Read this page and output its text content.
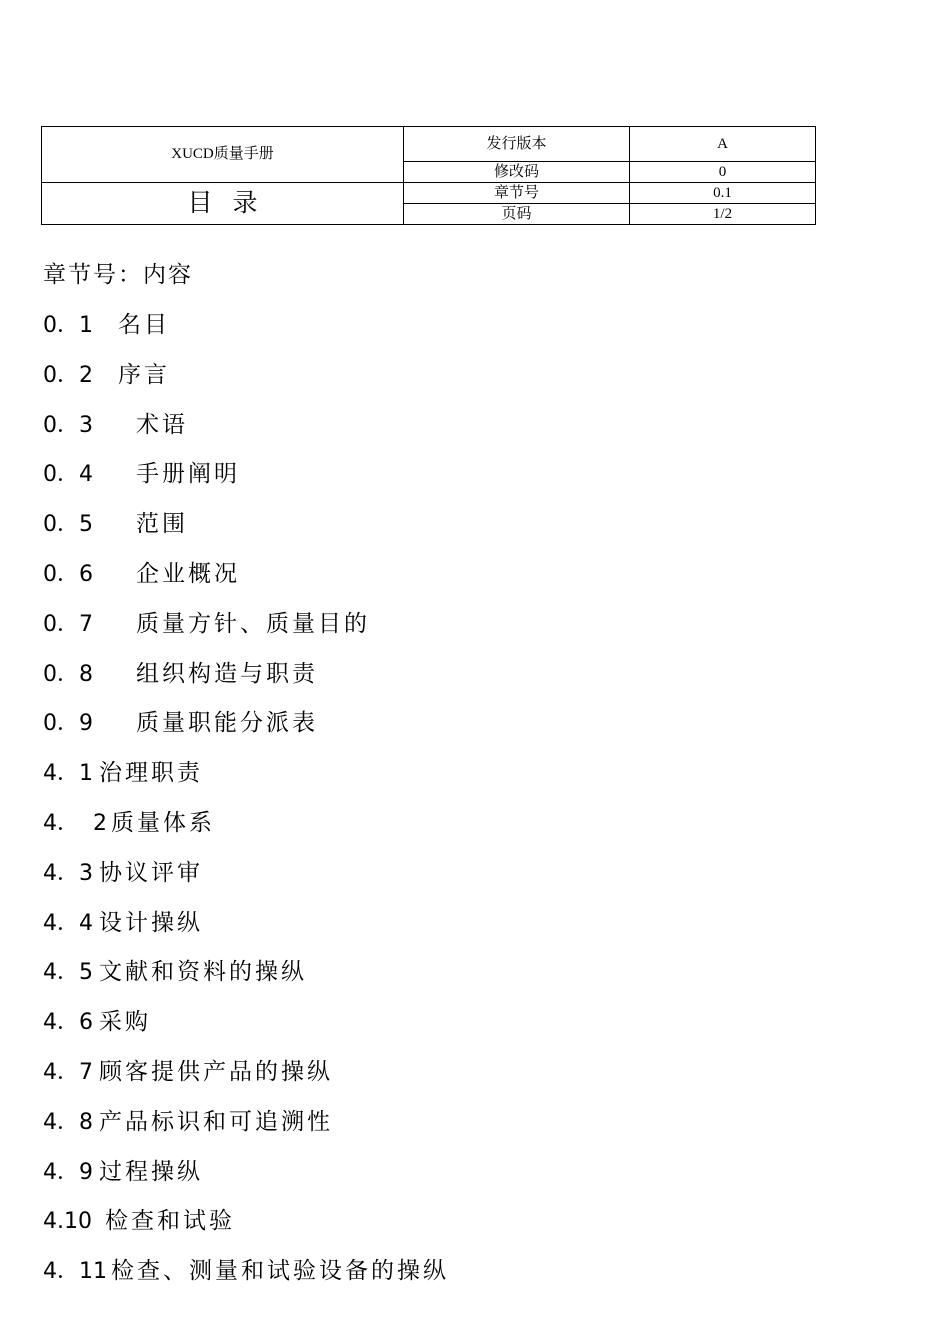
XUCD质量手册	发行版本	A
	修改码	0
目录	章节号	0.1
	页码	1/2
章节号：内容
0．1 名目
0．2 序言
0．3 术语
0．4 手册阐明
0．5 范围
0．6 企业概况
0．7 质量方针、质量目的
0．8 组织构造与职责
0．9 质量职能分派表
4．1 治理职责
4．  2 质量体系
4．3 协议评审
4．4 设计操纵
4．5 文献和资料的操纵
4．6 采购
4．7 顾客提供产品的操纵
4．8 产品标识和可追溯性
4．9 过程操纵
4.10 检查和试验
4．11 检查、测量和试验设备的操纵
